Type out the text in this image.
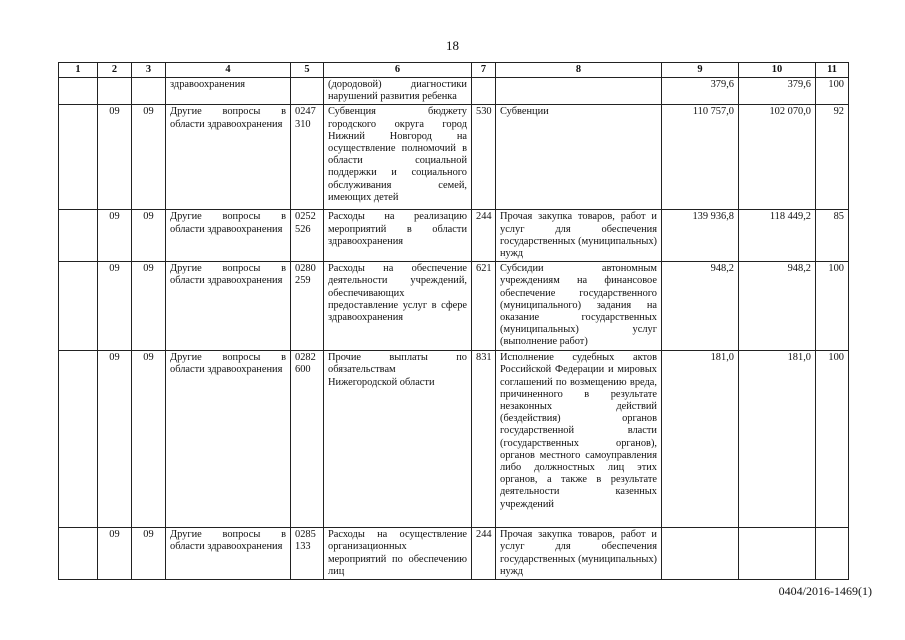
18
1	2	3	4	5	6	7	8	9	10	11
			здравоохранения		(дородовой) диагностики нарушений развития ребенка			379,6	379,6	100
	09	09	Другие вопросы в области здравоохранения	0247 310	Субвенция бюджету городского округа город Нижний Новгород на осуществление полномочий в области социальной поддержки и социального обслуживания семей, имеющих детей	530	Субвенции	110 757,0	102 070,0	92
	09	09	Другие вопросы в области здравоохранения	0252 526	Расходы на реализацию мероприятий в области здравоохранения	244	Прочая закупка товаров, работ и услуг для обеспечения государственных (муниципальных) нужд	139 936,8	118 449,2	85
	09	09	Другие вопросы в области здравоохранения	0280 259	Расходы на обеспечение деятельности учреждений, обеспечивающих предоставление услуг в сфере здравоохранения	621	Субсидии автономным учреждениям на финансовое обеспечение государственного (муниципального) задания на оказание государственных (муниципальных) услуг (выполнение работ)	948,2	948,2	100
	09	09	Другие вопросы в области здравоохранения	0282 600	Прочие выплаты по обязательствам Нижегородской области	831	Исполнение судебных актов Российской Федерации и мировых соглашений по возмещению вреда, причиненного в результате незаконных действий (бездействия) органов государственной власти (государственных органов), органов местного самоуправления либо должностных лиц этих органов, а также в результате деятельности казенных учреждений	181,0	181,0	100
	09	09	Другие вопросы в области здравоохранения	0285 133	Расходы на осуществление организационных мероприятий по обеспечению лиц	244	Прочая закупка товаров, работ и услуг для обеспечения государственных (муниципальных) нужд			
0404/2016-1469(1)
